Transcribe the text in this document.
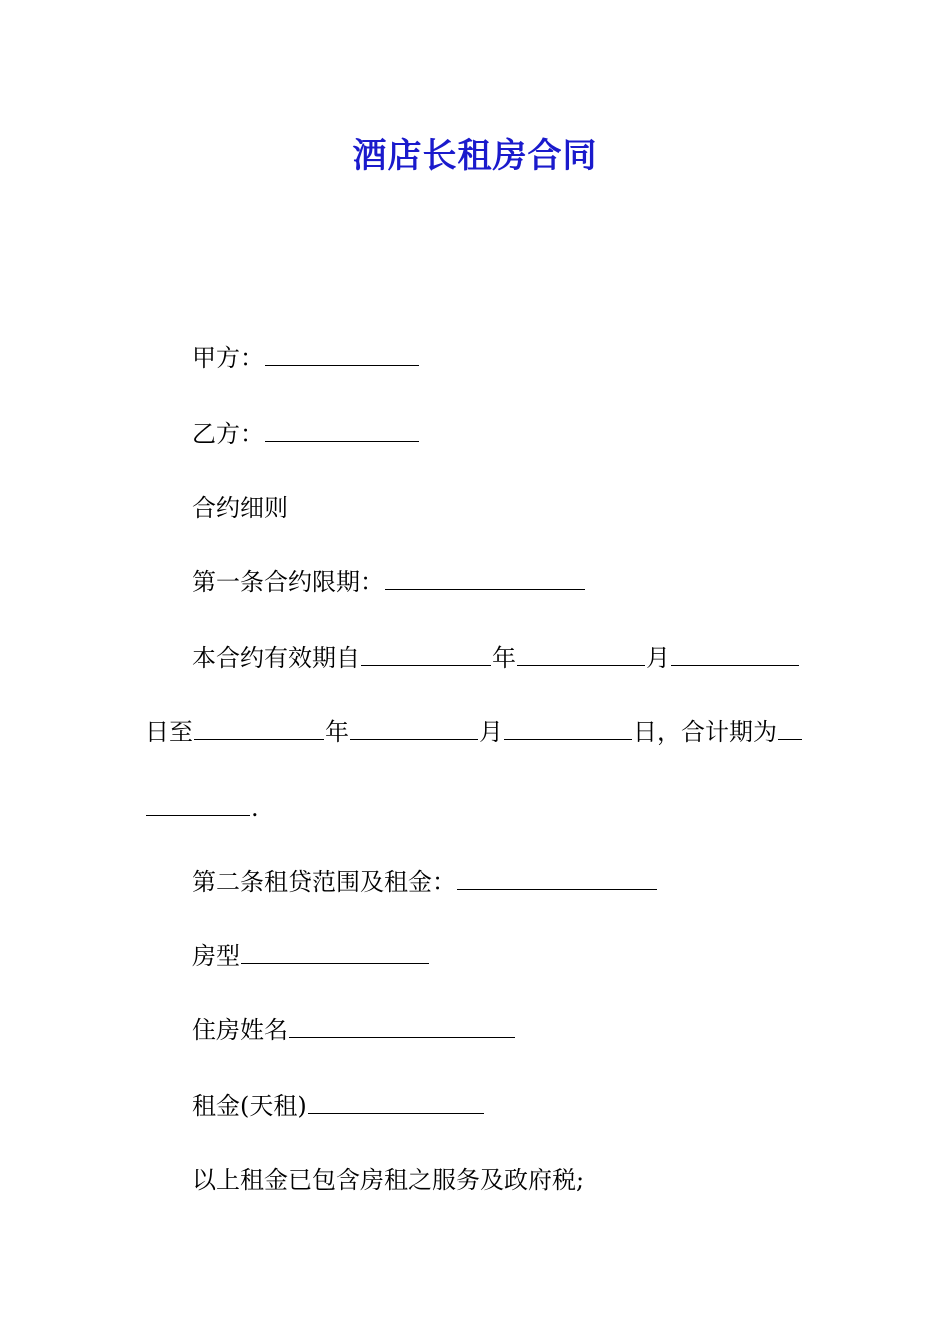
酒店长租房合同
甲方：
乙方：
合约细则
第一条合约限期：
本合约有效期自	年	月
日至	年	月	日，合计期为
.
第二条租贷范围及租金：
房型
住房姓名
租金(天租)
以上租金已包含房租之服务及政府税;
